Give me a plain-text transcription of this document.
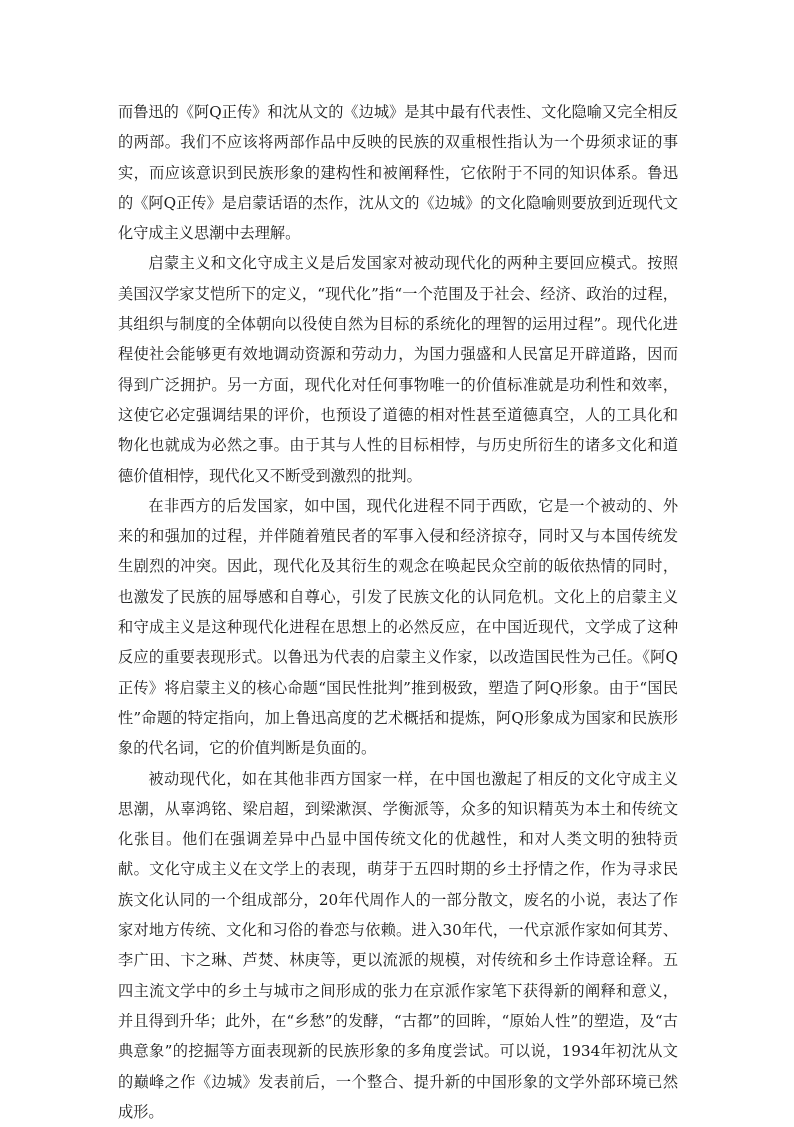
而鲁迅的《阿Q正传》和沈从文的《边城》是其中最有代表性、文化隐喻又完全相反的两部。我们不应该将两部作品中反映的民族的双重根性指认为一个毋须求证的事实，而应该意识到民族形象的建构性和被阐释性，它依附于不同的知识体系。鲁迅的《阿Q正传》是启蒙话语的杰作，沈从文的《边城》的文化隐喻则要放到近现代文化守成主义思潮中去理解。

启蒙主义和文化守成主义是后发国家对被动现代化的两种主要回应模式。按照美国汉学家艾恺所下的定义，“现代化”指“一个范围及于社会、经济、政治的过程，其组织与制度的全体朝向以役使自然为目标的系统化的理智的运用过程”。现代化进程使社会能够更有效地调动资源和劳动力，为国力强盛和人民富足开辟道路，因而得到广泛拥护。另一方面，现代化对任何事物唯一的价值标准就是功利性和效率，这使它必定强调结果的评价，也预设了道德的相对性甚至道德真空，人的工具化和物化也就成为必然之事。由于其与人性的目标相悖，与历史所衍生的诸多文化和道德价值相悖，现代化又不断受到激烈的批判。

在非西方的后发国家，如中国，现代化进程不同于西欧，它是一个被动的、外来的和强加的过程，并伴随着殖民者的军事入侵和经济掠夺，同时又与本国传统发生剧烈的冲突。因此，现代化及其衍生的观念在唤起民众空前的皈依热情的同时，也激发了民族的屈辱感和自尊心，引发了民族文化的认同危机。文化上的启蒙主义和守成主义是这种现代化进程在思想上的必然反应，在中国近现代，文学成了这种反应的重要表现形式。以鲁迅为代表的启蒙主义作家，以改造国民性为己任。《阿Q正传》将启蒙主义的核心命题“国民性批判”推到极致，塑造了阿Q形象。由于“国民性”命题的特定指向，加上鲁迅高度的艺术概括和提炼，阿Q形象成为国家和民族形象的代名词，它的价值判断是负面的。

被动现代化，如在其他非西方国家一样，在中国也激起了相反的文化守成主义思潮，从辜鸿铭、梁启超，到梁漱溟、学衡派等，众多的知识精英为本土和传统文化张目。他们在强调差异中凸显中国传统文化的优越性，和对人类文明的独特贡献。文化守成主义在文学上的表现，萌芽于五四时期的乡土抒情之作，作为寻求民族文化认同的一个组成部分，20年代周作人的一部分散文，废名的小说，表达了作家对地方传统、文化和习俗的眷恋与依赖。进入30年代，一代京派作家如何其芳、李广田、卞之琳、芦焚、林庚等，更以流派的规模，对传统和乡土作诗意诠释。五四主流文学中的乡土与城市之间形成的张力在京派作家笔下获得新的阐释和意义，并且得到升华；此外，在“乡愁”的发酵，“古都”的回眸，“原始人性”的塑造，及“古典意象”的挖掘等方面表现新的民族形象的多角度尝试。可以说，1934年初沈从文的巅峰之作《边城》发表前后，一个整合、提升新的中国形象的文学外部环境已然成形。
